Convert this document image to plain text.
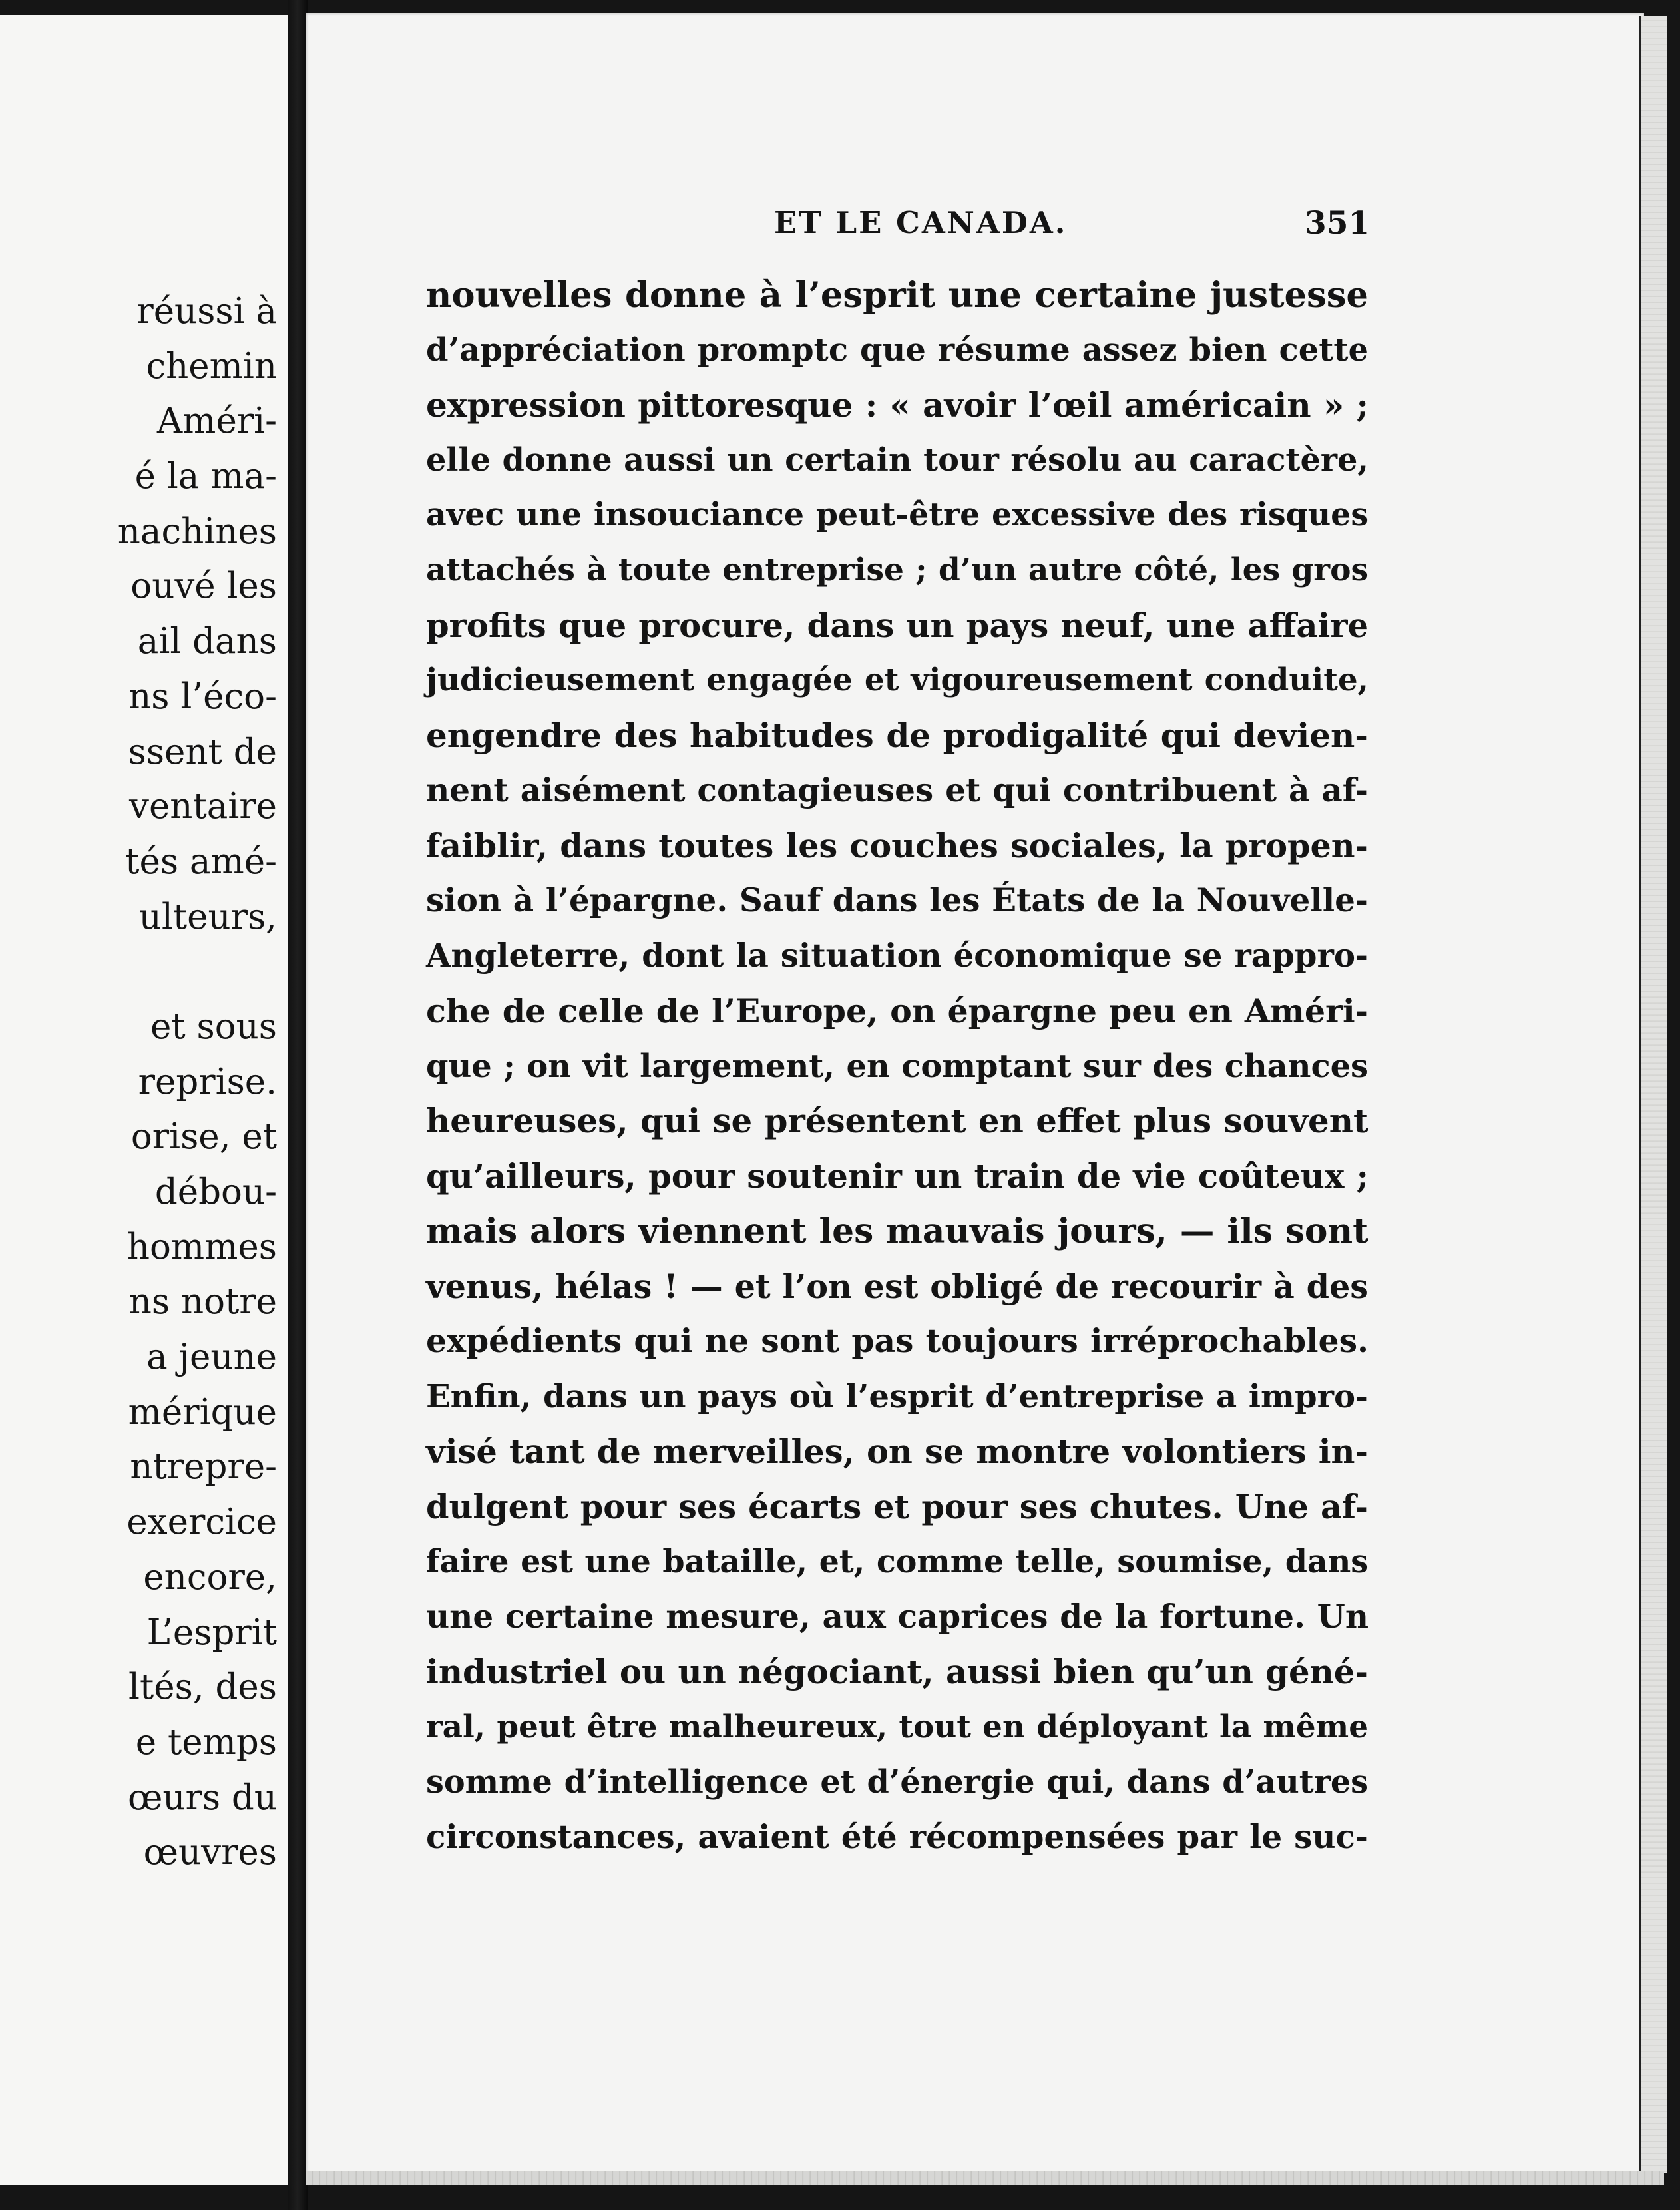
réussi à
chemin
Améri-
é la ma-
nachines
ouvé les
ail dans
ns l’éco-
ssent de
ventaire
tés amé-
ulteurs,
et sous
reprise.
orise, et
débou-
hommes
ns notre
a jeune
mérique
ntrepre-
exercice
encore,
L’esprit
ltés, des
e temps
œurs du
œuvres
ET LE CANADA.	351
nouvelles donne à l’esprit une certaine justesse
d’appréciation promptc que résume assez bien cette
expression pittoresque : « avoir l’œil américain » ;
elle donne aussi un certain tour résolu au caractère,
avec une insouciance peut-être excessive des risques
attachés à toute entreprise ; d’un autre côté, les gros
profits que procure, dans un pays neuf, une affaire
judicieusement engagée et vigoureusement conduite,
engendre des habitudes de prodigalité qui devien-
nent aisément contagieuses et qui contribuent à af-
faiblir, dans toutes les couches sociales, la propen-
sion à l’épargne. Sauf dans les États de la Nouvelle-
Angleterre, dont la situation économique se rappro-
che de celle de l’Europe, on épargne peu en Améri-
que ; on vit largement, en comptant sur des chances
heureuses, qui se présentent en effet plus souvent
qu’ailleurs, pour soutenir un train de vie coûteux ;
mais alors viennent les mauvais jours, — ils sont
venus, hélas ! — et l’on est obligé de recourir à des
expédients qui ne sont pas toujours irréprochables.
Enfin, dans un pays où l’esprit d’entreprise a impro-
visé tant de merveilles, on se montre volontiers in-
dulgent pour ses écarts et pour ses chutes. Une af-
faire est une bataille, et, comme telle, soumise, dans
une certaine mesure, aux caprices de la fortune. Un
industriel ou un négociant, aussi bien qu’un géné-
ral, peut être malheureux, tout en déployant la même
somme d’intelligence et d’énergie qui, dans d’autres
circonstances, avaient été récompensées par le suc-
